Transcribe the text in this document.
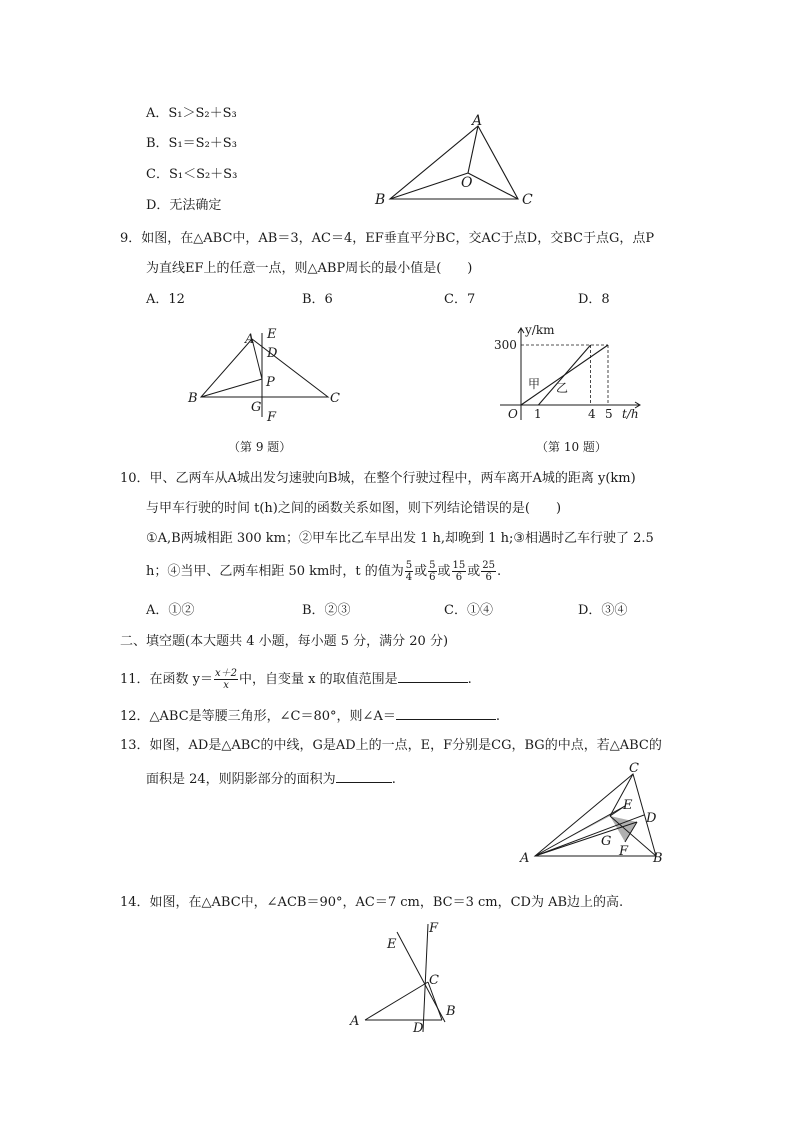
A．S₁＞S₂＋S₃
B．S₁＝S₂＋S₃
C．S₁＜S₂＋S₃
D．无法确定
A
B	C
O
9．如图，在△ABC中，AB＝3，AC＝4，EF垂直平分BC，交AC于点D，交BC于点G，点P
为直线EF上的任意一点，则△ABP周长的最小值是(　　)
A．12	B．6	C．7	D．8
A
B	C
E
D
P
G
F
（第 9 题）
y/km
t/h
300
O 1	4 5
甲 乙
（第 10 题）
10．甲、乙两车从A城出发匀速驶向B城，在整个行驶过程中，两车离开A城的距离 y(km)
与甲车行驶的时间 t(h)之间的函数关系如图，则下列结论错误的是(　　)
①A,B两城相距 300 km；②甲车比乙车早出发 1 h,却晚到 1 h;③相遇时乙车行驶了 2.5
h；④当甲、乙两车相距 50 km时，t 的值为 $\frac{5}{4}$ 或 $\frac{5}{6}$ 或 $\frac{15}{6}$ 或 $\frac{25}{6}$ .
A．①②	B．②③	C．①④	D．③④
二、填空题(本大题共 4 小题，每小题 5 分，满分 20 分)
11．在函数 $y= \frac{x+2}{x}$ 中，自变量 x 的取值范围是	.
12．△ABC是等腰三角形，∠C＝80°，则∠A＝	.
13．如图，AD是△ABC的中线，G是AD上的一点，E，F分别是CG，BG的中点，若△ABC的
面积是 24，则阴影部分的面积为	.
C
E
D
G
F
A	B
14．如图，在△ABC中，∠ACB＝90°，AC＝7 cm，BC＝3 cm，CD为 AB边上的高.
F
E
C
B
A	D
